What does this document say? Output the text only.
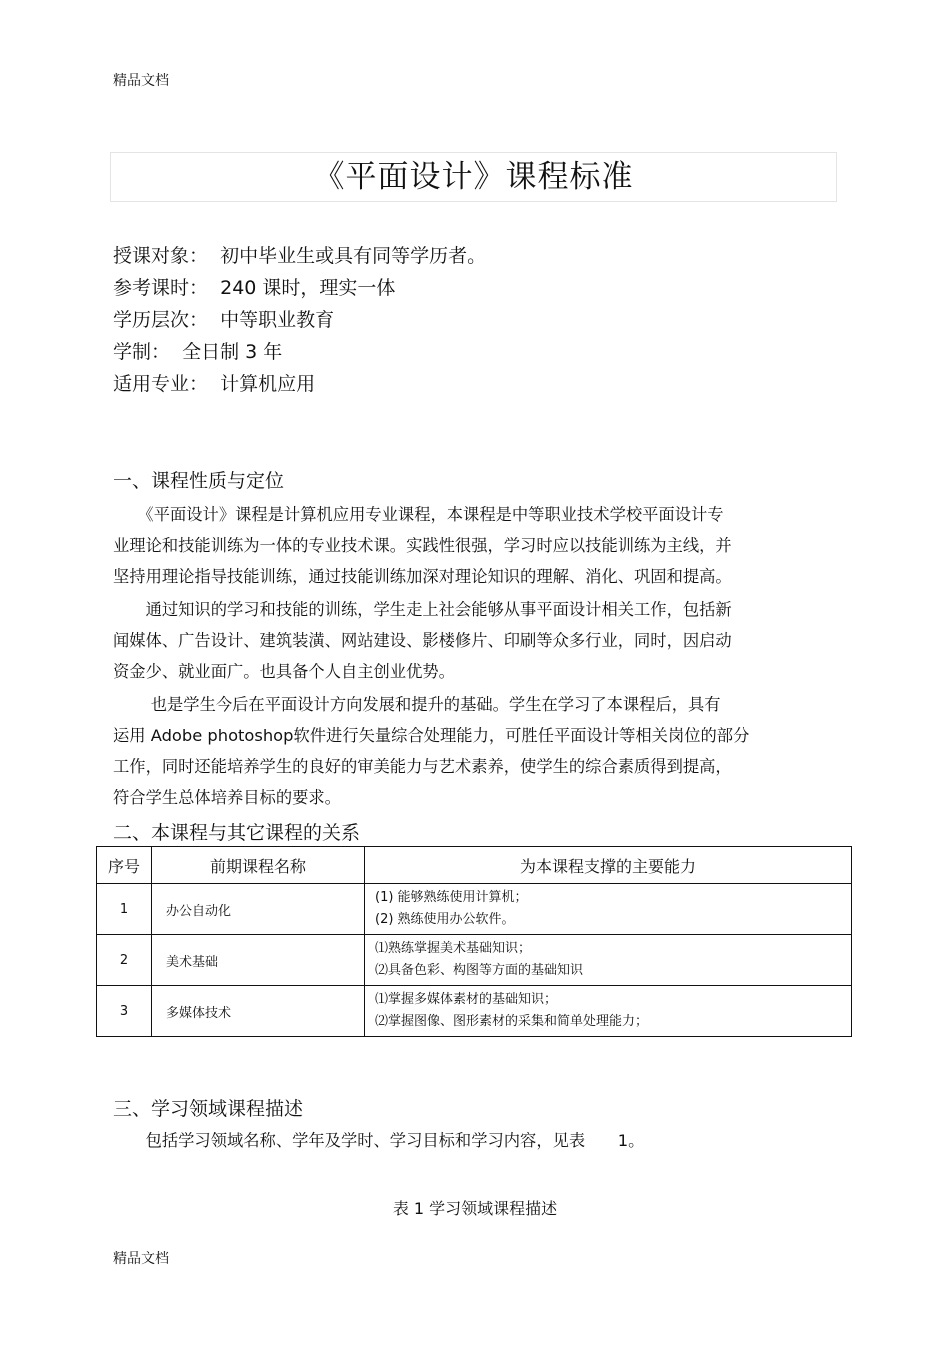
精品文档
《平面设计》课程标准
授课对象： 初中毕业生或具有同等学历者。
参考课时： 240 课时，理实一体
学历层次： 中等职业教育
学制： 全日制 3 年
适用专业： 计算机应用
一、课程性质与定位
　　《平面设计》课程是计算机应用专业课程，本课程是中等职业技术学校平面设计专
业理论和技能训练为一体的专业技术课。实践性很强，学习时应以技能训练为主线，并
坚持用理论指导技能训练，通过技能训练加深对理论知识的理解、消化、巩固和提高。
　　通过知识的学习和技能的训练，学生走上社会能够从事平面设计相关工作，包括新
闻媒体、广告设计、建筑装潢、网站建设、影楼修片、印刷等众多行业，同时，因启动
资金少、就业面广。也具备个人自主创业优势。
　　 也是学生今后在平面设计方向发展和提升的基础。学生在学习了本课程后，具有
运用 Adobe photoshop软件进行矢量综合处理能力，可胜任平面设计等相关岗位的部分
工作，同时还能培养学生的良好的审美能力与艺术素养，使学生的综合素质得到提高，
符合学生总体培养目标的要求。
二、本课程与其它课程的关系
序号	前期课程名称	为本课程支撑的主要能力
1	办公自动化	(1) 能够熟练使用计算机；
(2) 熟练使用办公软件。

2	美术基础	⑴熟练掌握美术基础知识；
⑵具备色彩、构图等方面的基础知识

3	多媒体技术	⑴掌握多媒体素材的基础知识；
⑵掌握图像、图形素材的采集和简单处理能力；
三、学习领域课程描述
　　包括学习领域名称、学年及学时、学习目标和学习内容，见表　　1。
表 1 学习领域课程描述
精品文档
